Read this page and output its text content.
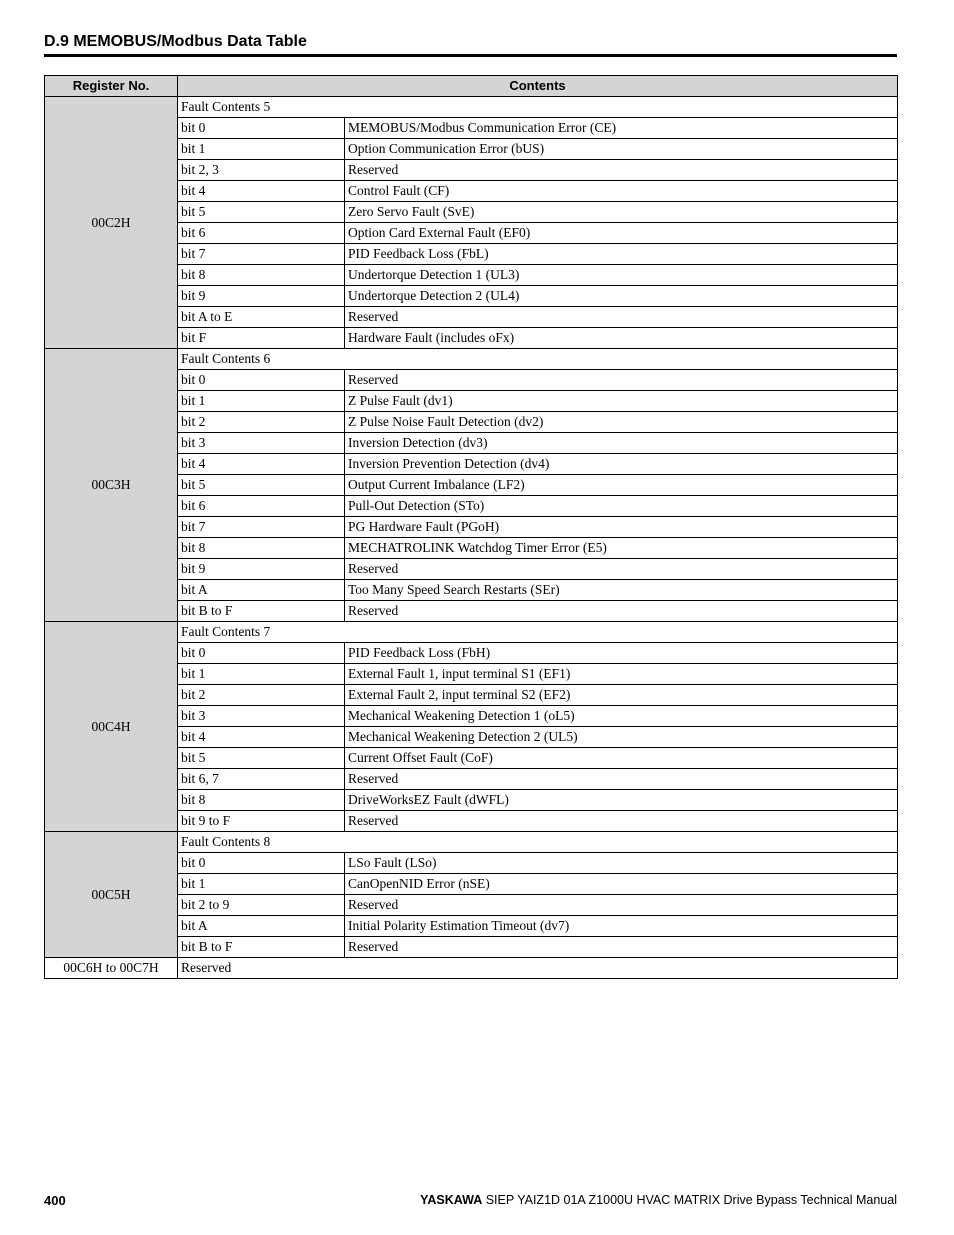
D.9 MEMOBUS/Modbus Data Table
Register No.	Contents	
00C2H	Fault Contents 5	
	bit 0	MEMOBUS/Modbus Communication Error (CE)
	bit 1	Option Communication Error (bUS)
	bit 2, 3	Reserved
	bit 4	Control Fault (CF)
	bit 5	Zero Servo Fault (SvE)
	bit 6	Option Card External Fault (EF0)
	bit 7	PID Feedback Loss (FbL)
	bit 8	Undertorque Detection 1 (UL3)
	bit 9	Undertorque Detection 2 (UL4)
	bit A to E	Reserved
	bit F	Hardware Fault (includes oFx)
00C3H	Fault Contents 6	
	bit 0	Reserved
	bit 1	Z Pulse Fault (dv1)
	bit 2	Z Pulse Noise Fault Detection (dv2)
	bit 3	Inversion Detection (dv3)
	bit 4	Inversion Prevention Detection (dv4)
	bit 5	Output Current Imbalance (LF2)
	bit 6	Pull-Out Detection (STo)
	bit 7	PG Hardware Fault (PGoH)
	bit 8	MECHATROLINK Watchdog Timer Error (E5)
	bit 9	Reserved
	bit A	Too Many Speed Search Restarts (SEr)
	bit B to F	Reserved
00C4H	Fault Contents 7	
	bit 0	PID Feedback Loss (FbH)
	bit 1	External Fault 1, input terminal S1 (EF1)
	bit 2	External Fault 2, input terminal S2 (EF2)
	bit 3	Mechanical Weakening Detection 1 (oL5)
	bit 4	Mechanical Weakening Detection 2 (UL5)
	bit 5	Current Offset Fault (CoF)
	bit 6, 7	Reserved
	bit 8	DriveWorksEZ Fault (dWFL)
	bit 9 to F	Reserved
00C5H	Fault Contents 8	
	bit 0	LSo Fault (LSo)
	bit 1	CanOpenNID Error (nSE)
	bit 2 to 9	Reserved
	bit A	Initial Polarity Estimation Timeout (dv7)
	bit B to F	Reserved
00C6H to 00C7H	Reserved	
400	YASKAWA SIEP YAIZ1D 01A Z1000U HVAC MATRIX Drive Bypass Technical Manual
